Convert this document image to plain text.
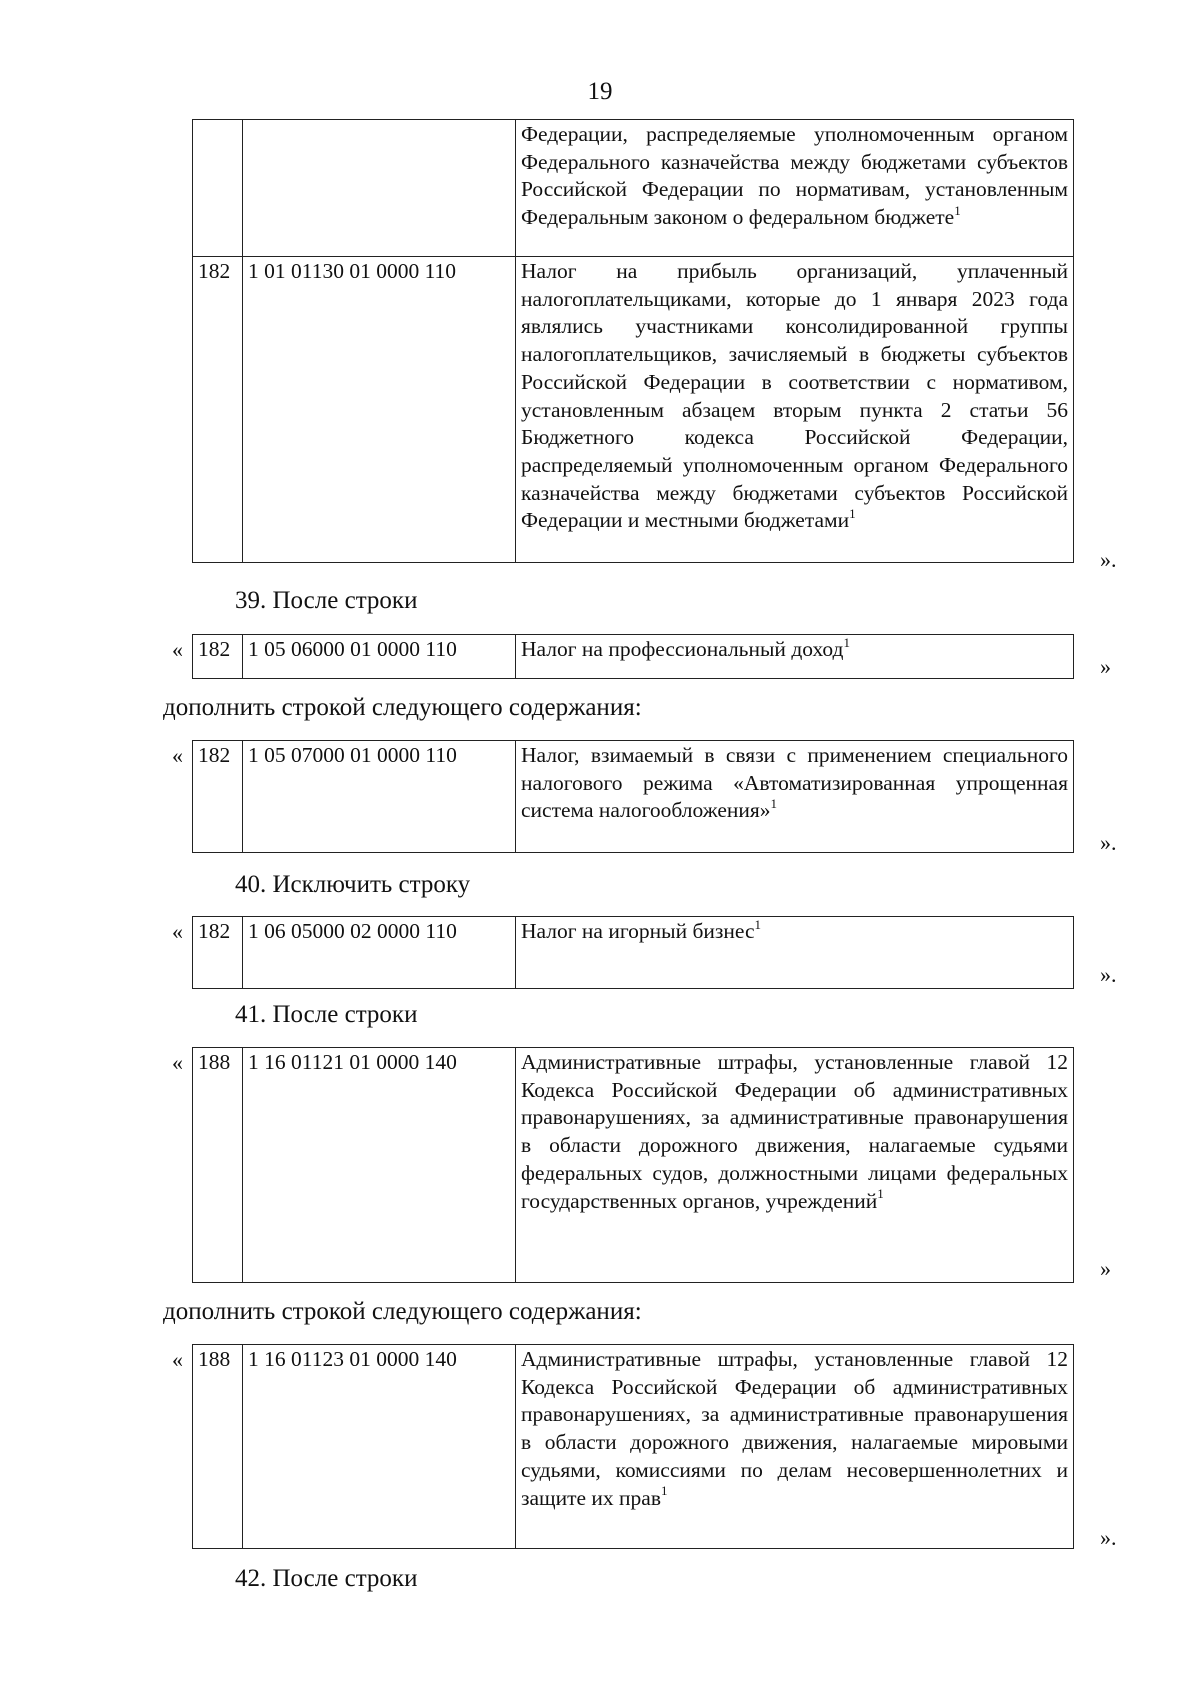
19
		Федерации, распределяемые уполномоченным органом Федерального казначейства между бюджетами субъектов Российской Федерации по нормативам, установленным Федеральным законом о федеральном бюджете$^1$
182	1 01 01130 01 0000 110	Налог на прибыль организаций, уплаченный налогоплательщиками, которые до 1 января 2023 года являлись участниками консолидированной группы налогоплательщиков, зачисляемый в бюджеты субъектов Российской Федерации в соответствии с нормативом, установленным абзацем вторым пункта 2 статьи 56 Бюджетного кодекса Российской Федерации, распределяемый уполномоченным органом Федерального казначейства между бюджетами субъектов Российской Федерации и местными бюджетами$^1$
».
39. После строки
« 182	1 05 06000 01 0000 110	Налог на профессиональный доход$^1$
»
дополнить строкой следующего содержания:
« 182	1 05 07000 01 0000 110	Налог, взимаемый в связи с применением специального налогового режима «Автоматизированная упрощенная система налогообложения»$^1$
».
40. Исключить строку
« 182	1 06 05000 02 0000 110	Налог на игорный бизнес$^1$
».
41. После строки
« 188	1 16 01121 01 0000 140	Административные штрафы, установленные главой 12 Кодекса Российской Федерации об административных правонарушениях, за административные правонарушения в области дорожного движения, налагаемые судьями федеральных судов, должностными лицами федеральных государственных органов, учреждений$^1$
»
дополнить строкой следующего содержания:
« 188	1 16 01123 01 0000 140	Административные штрафы, установленные главой 12 Кодекса Российской Федерации об административных правонарушениях, за административные правонарушения в области дорожного движения, налагаемые мировыми судьями, комиссиями по делам несовершеннолетних и защите их прав$^1$
».
42. После строки
